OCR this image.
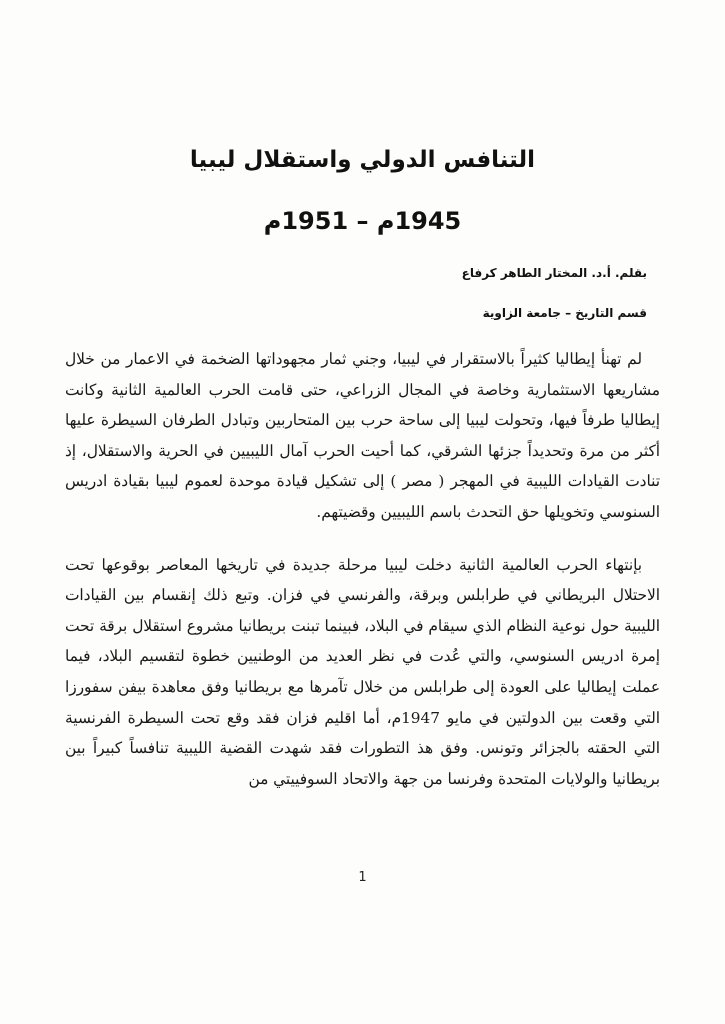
التنافس الدولي واستقلال ليبيا
1945م – 1951م

بقلم. أ.د. المختار الطاهر كرفاع

قسم التاريخ – جامعة الزاوية

لم تهنأ إيطاليا كثيراً بالاستقرار في ليبيا، وجني ثمار مجهوداتها الضخمة في الاعمار من خلال مشاريعها الاستثمارية وخاصة في المجال الزراعي، حتى قامت الحرب العالمية الثانية وكانت إيطاليا طرفاً فيها، وتحولت ليبيا إلى ساحة حرب بين المتحاربين وتبادل الطرفان السيطرة عليها أكثر من مرة وتحديداً جزئها الشرقي، كما أحيت الحرب آمال الليبيين في الحرية والاستقلال، إذ تنادت القيادات الليبية في المهجر ( مصر ) إلى تشكيل قيادة موحدة لعموم ليبيا بقيادة ادريس السنوسي وتخويلها حق التحدث باسم الليبيين وقضيتهم.

بإنتهاء الحرب العالمية الثانية دخلت ليبيا مرحلة جديدة في تاريخها المعاصر بوقوعها تحت الاحتلال البريطاني في طرابلس وبرقة، والفرنسي في فزان. وتبع ذلك إنقسام بين القيادات الليبية حول نوعية النظام الذي سيقام في البلاد، فبينما تبنت بريطانيا مشروع استقلال برقة تحت إمرة ادريس السنوسي، والتي عُدت في نظر العديد من الوطنيين خطوة لتقسيم البلاد، فيما عملت إيطاليا على العودة إلى طرابلس من خلال تآمرها مع بريطانيا وفق معاهدة بيفن سفورزا التي وقعت بين الدولتين في مايو 1947م، أما اقليم فزان فقد وقع تحت السيطرة الفرنسية التي الحقته بالجزائر وتونس. وفق هذ التطورات فقد شهدت القضية الليبية تنافساً كبيراً بين بريطانيا والولايات المتحدة وفرنسا من جهة والاتحاد السوفييتي من

1
